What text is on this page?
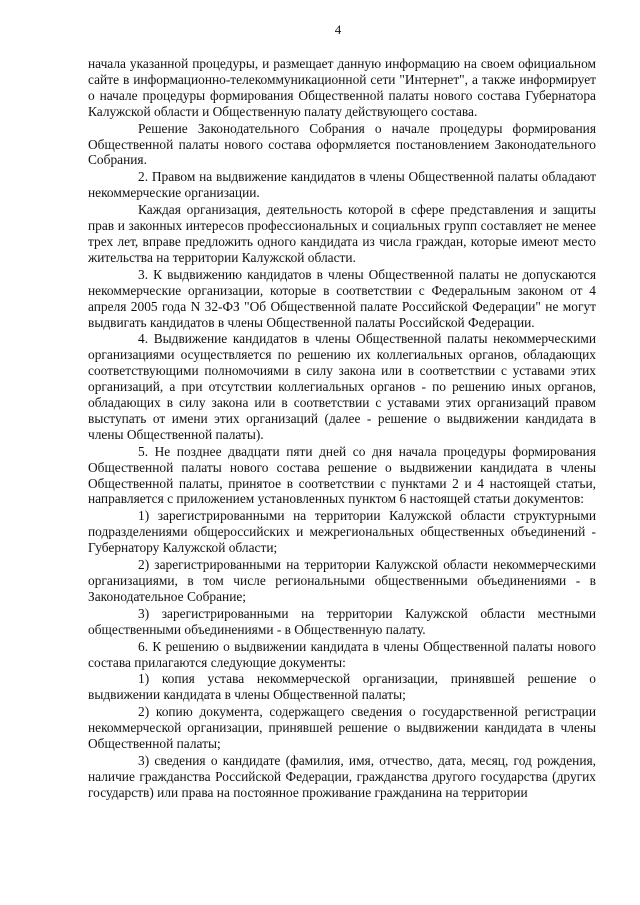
4

начала указанной процедуры, и размещает данную информацию на своем официальном сайте в информационно-телекоммуникационной сети "Интернет", а также информирует о начале процедуры формирования Общественной палаты нового состава Губернатора Калужской области и Общественную палату действующего состава.

Решение Законодательного Собрания о начале процедуры формирования Общественной палаты нового состава оформляется постановлением Законодательного Собрания.

2. Правом на выдвижение кандидатов в члены Общественной палаты обладают некоммерческие организации.

Каждая организация, деятельность которой в сфере представления и защиты прав и законных интересов профессиональных и социальных групп составляет не менее трех лет, вправе предложить одного кандидата из числа граждан, которые имеют место жительства на территории Калужской области.

3. К выдвижению кандидатов в члены Общественной палаты не допускаются некоммерческие организации, которые в соответствии с Федеральным законом от 4 апреля 2005 года N 32-ФЗ "Об Общественной палате Российской Федерации" не могут выдвигать кандидатов в члены Общественной палаты Российской Федерации.

4. Выдвижение кандидатов в члены Общественной палаты некоммерческими организациями осуществляется по решению их коллегиальных органов, обладающих соответствующими полномочиями в силу закона или в соответствии с уставами этих организаций, а при отсутствии коллегиальных органов - по решению иных органов, обладающих в силу закона или в соответствии с уставами этих организаций правом выступать от имени этих организаций (далее - решение о выдвижении кандидата в члены Общественной палаты).

5. Не позднее двадцати пяти дней со дня начала процедуры формирования Общественной палаты нового состава решение о выдвижении кандидата в члены Общественной палаты, принятое в соответствии с пунктами 2 и 4 настоящей статьи, направляется с приложением установленных пунктом 6 настоящей статьи документов:

1) зарегистрированными на территории Калужской области структурными подразделениями общероссийских и межрегиональных общественных объединений - Губернатору Калужской области;

2) зарегистрированными на территории Калужской области некоммерческими организациями, в том числе региональными общественными объединениями - в Законодательное Собрание;

3) зарегистрированными на территории Калужской области местными общественными объединениями - в Общественную палату.

6. К решению о выдвижении кандидата в члены Общественной палаты нового состава прилагаются следующие документы:

1) копия устава некоммерческой организации, принявшей решение о выдвижении кандидата в члены Общественной палаты;

2) копию документа, содержащего сведения о государственной регистрации некоммерческой организации, принявшей решение о выдвижении кандидата в члены Общественной палаты;

3) сведения о кандидате (фамилия, имя, отчество, дата, месяц, год рождения, наличие гражданства Российской Федерации, гражданства другого государства (других государств) или права на постоянное проживание гражданина на территории
